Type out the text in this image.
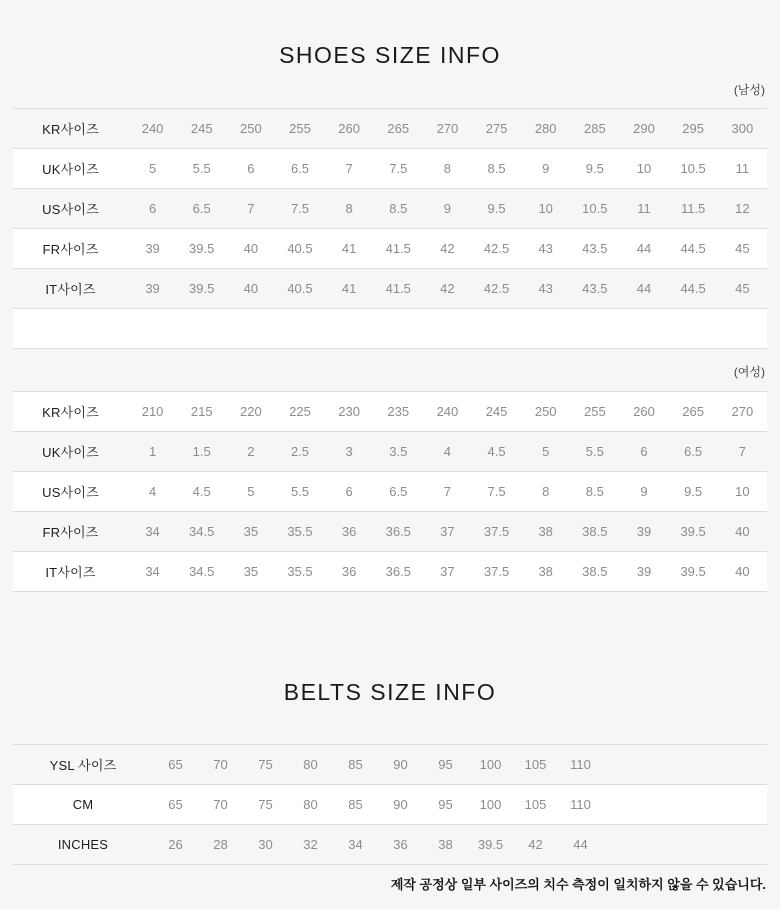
SHOES SIZE INFO
(남성)
KR사이즈	240	245	250	255	260	265	270	275	280	285	290	295	300
UK사이즈	5	5.5	6	6.5	7	7.5	8	8.5	9	9.5	10	10.5	11
US사이즈	6	6.5	7	7.5	8	8.5	9	9.5	10	10.5	11	11.5	12
FR사이즈	39	39.5	40	40.5	41	41.5	42	42.5	43	43.5	44	44.5	45
IT사이즈	39	39.5	40	40.5	41	41.5	42	42.5	43	43.5	44	44.5	45

(여성)
KR사이즈	210	215	220	225	230	235	240	245	250	255	260	265	270
UK사이즈	1	1.5	2	2.5	3	3.5	4	4.5	5	5.5	6	6.5	7
US사이즈	4	4.5	5	5.5	6	6.5	7	7.5	8	8.5	9	9.5	10
FR사이즈	34	34.5	35	35.5	36	36.5	37	37.5	38	38.5	39	39.5	40
IT사이즈	34	34.5	35	35.5	36	36.5	37	37.5	38	38.5	39	39.5	40
BELTS SIZE INFO
YSL 사이즈	65	70	75	80	85	90	95	100	105	110	
CM	65	70	75	80	85	90	95	100	105	110	
INCHES	26	28	30	32	34	36	38	39.5	42	44	
제작 공정상 일부 사이즈의 치수 측정이 일치하지 않을 수 있습니다.
